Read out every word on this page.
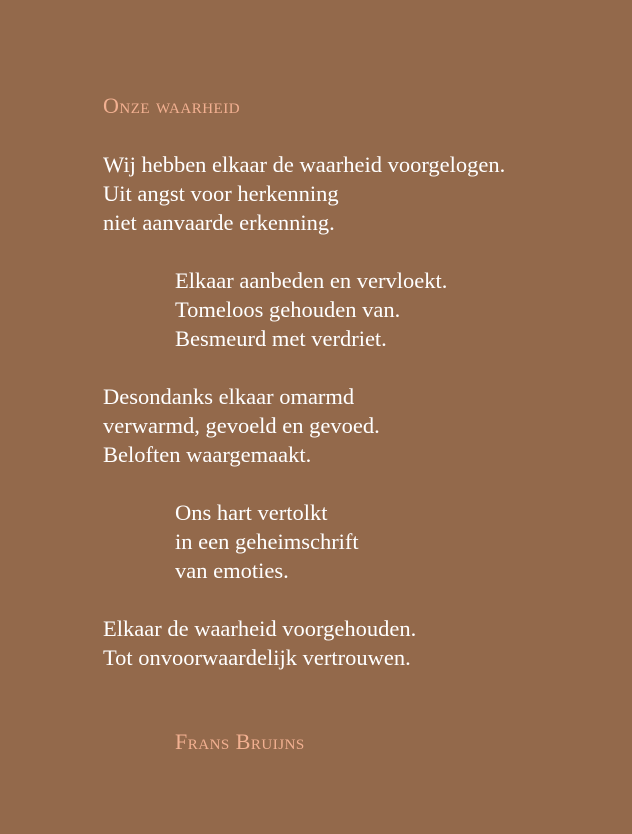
Onze waarheid
Wij hebben elkaar de waarheid voorgelogen.
Uit angst voor herkenning
niet aanvaarde erkenning.
Elkaar aanbeden en vervloekt.
Tomeloos gehouden van.
Besmeurd met verdriet.
Desondanks elkaar omarmd
verwarmd, gevoeld en gevoed.
Beloften waargemaakt.
Ons hart vertolkt
in een geheimschrift
van emoties.
Elkaar de waarheid voorgehouden.
Tot onvoorwaardelijk vertrouwen.
Frans Bruijns
